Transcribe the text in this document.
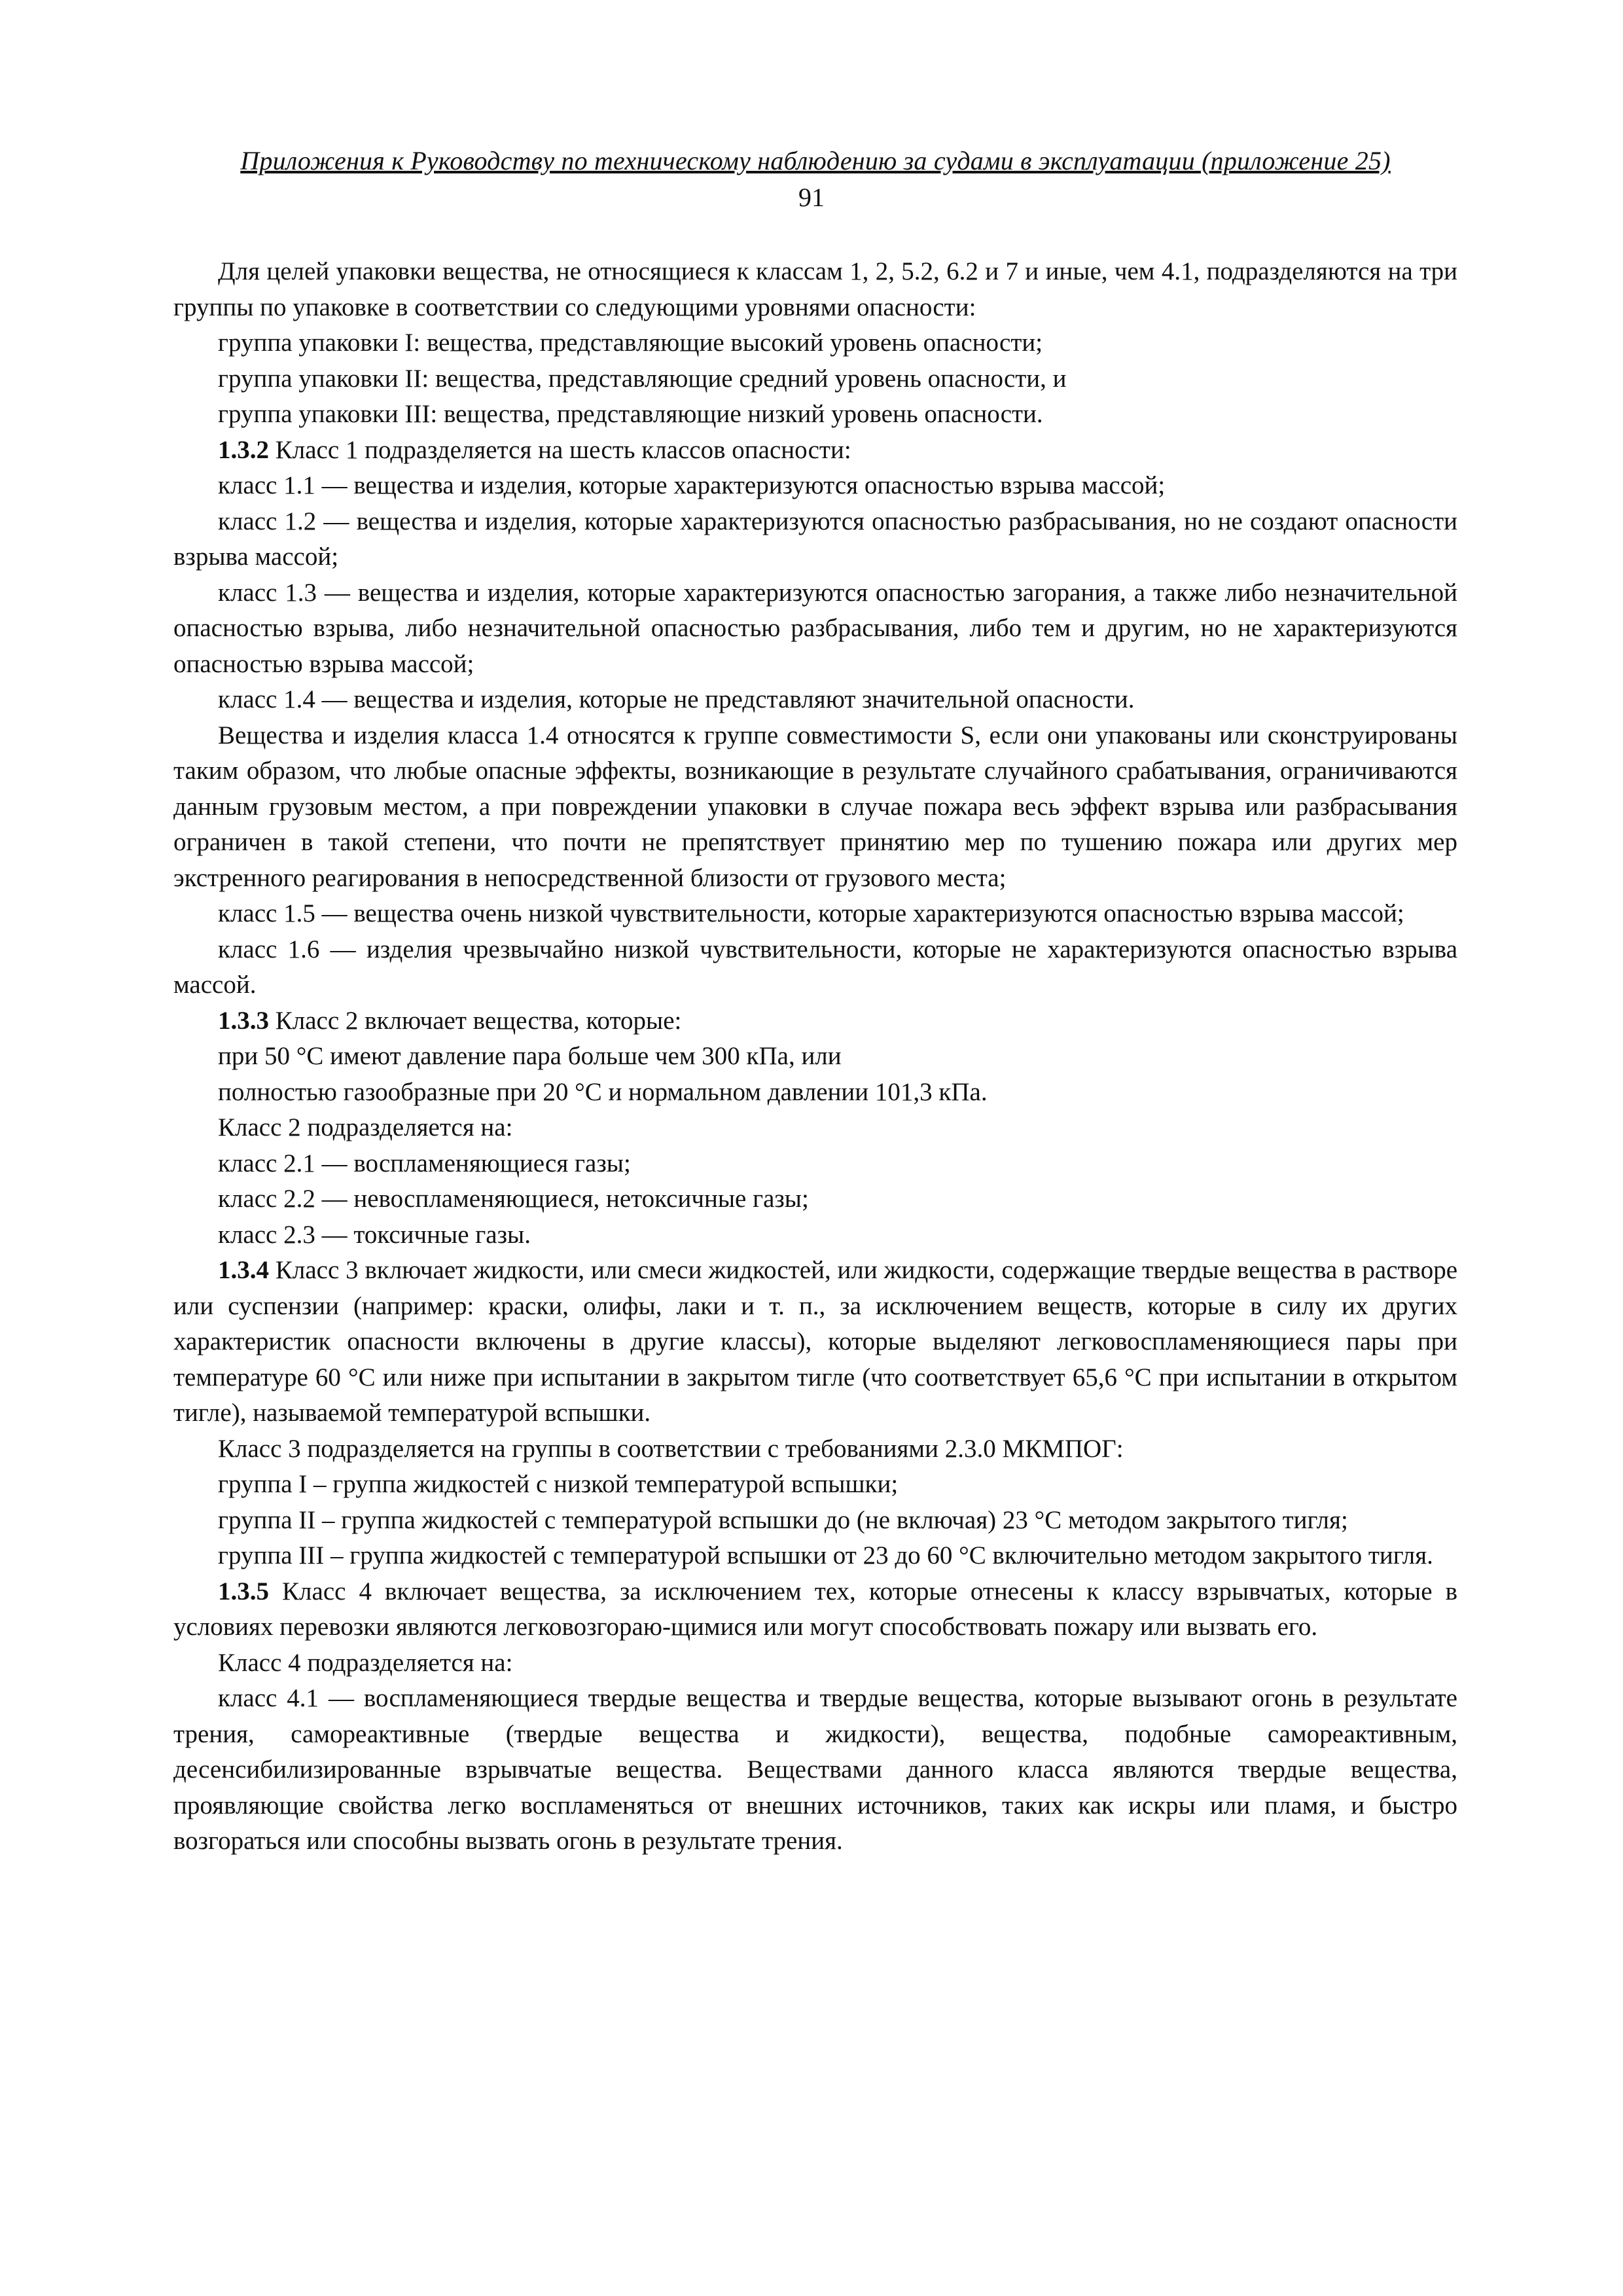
Приложения к Руководству по техническому наблюдению за судами в эксплуатации (приложение 25)
91

Для целей упаковки вещества, не относящиеся к классам 1, 2, 5.2, 6.2 и 7 и иные, чем 4.1, подразделяются на три группы по упаковке в соответствии со следующими уровнями опасности:

группа упаковки I: вещества, представляющие высокий уровень опасности;

группа упаковки II: вещества, представляющие средний уровень опасности, и

группа упаковки III: вещества, представляющие низкий уровень опасности.

1.3.2 Класс 1 подразделяется на шесть классов опасности:

класс 1.1 — вещества и изделия, которые характеризуются опасностью взрыва массой;

класс 1.2 — вещества и изделия, которые характеризуются опасностью разбрасывания, но не создают опасности взрыва массой;

класс 1.3 — вещества и изделия, которые характеризуются опасностью загорания, а также либо незначительной опасностью взрыва, либо незначительной опасностью разбрасывания, либо тем и другим, но не характеризуются опасностью взрыва массой;

класс 1.4 — вещества и изделия, которые не представляют значительной опасности.

Вещества и изделия класса 1.4 относятся к группе совместимости S, если они упакованы или сконструированы таким образом, что любые опасные эффекты, возникающие в результате случайного срабатывания, ограничиваются данным грузовым местом, а при повреждении упаковки в случае пожара весь эффект взрыва или разбрасывания ограничен в такой степени, что почти не препятствует принятию мер по тушению пожара или других мер экстренного реагирования в непосредственной близости от грузового места;

класс 1.5 — вещества очень низкой чувствительности, которые характеризуются опасностью взрыва массой;

класс 1.6 — изделия чрезвычайно низкой чувствительности, которые не характеризуются опасностью взрыва массой.

1.3.3 Класс 2 включает вещества, которые:

при 50 °С имеют давление пара больше чем 300 кПа, или

полностью газообразные при 20 °С и нормальном давлении 101,3 кПа.

Класс 2 подразделяется на:

класс 2.1 — воспламеняющиеся газы;

класс 2.2 — невоспламеняющиеся, нетоксичные газы;

класс 2.3 — токсичные газы.

1.3.4 Класс 3 включает жидкости, или смеси жидкостей, или жидкости, содержащие твердые вещества в растворе или суспензии (например: краски, олифы, лаки и т. п., за исключением веществ, которые в силу их других характеристик опасности включены в другие классы), которые выделяют легковоспламеняющиеся пары при температуре 60 °С или ниже при испытании в закрытом тигле (что соответствует 65,6 °С при испытании в открытом тигле), называемой температурой вспышки.

Класс 3 подразделяется на группы в соответствии с требованиями 2.3.0 МКМПОГ:

группа I – группа жидкостей с низкой температурой вспышки;

группа II – группа жидкостей с температурой вспышки до (не включая) 23 °С методом закрытого тигля;

группа III – группа жидкостей с температурой вспышки от 23 до 60 °С включительно методом закрытого тигля.

1.3.5 Класс 4 включает вещества, за исключением тех, которые отнесены к классу взрывчатых, которые в условиях перевозки являются легковозгораю-щимися или могут способствовать пожару или вызвать его.

Класс 4 подразделяется на:

класс 4.1 — воспламеняющиеся твердые вещества и твердые вещества, которые вызывают огонь в результате трения, самореактивные (твердые вещества и жидкости), вещества, подобные самореактивным, десенсибилизированные взрывчатые вещества. Веществами данного класса являются твердые вещества, проявляющие свойства легко воспламеняться от внешних источников, таких как искры или пламя, и быстро возгораться или способны вызвать огонь в результате трения.
